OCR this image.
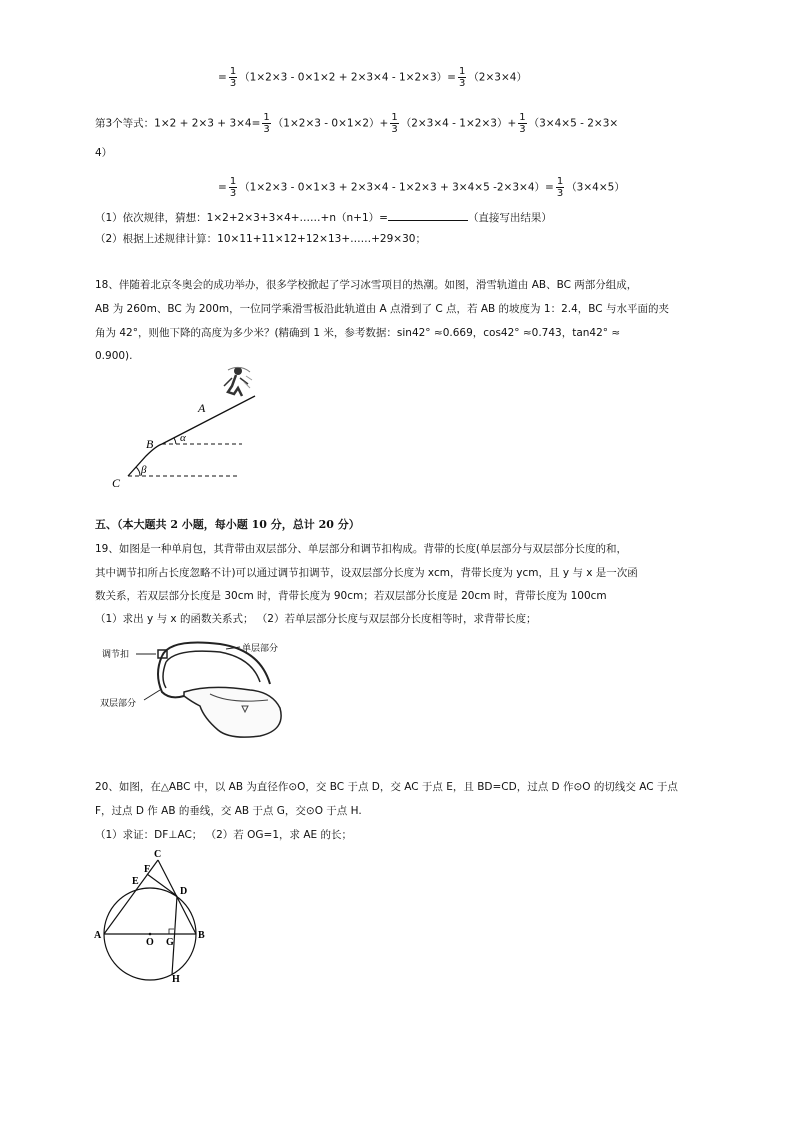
= $\frac{1}{3} (1\times 2\times 3 - 0\times 1\times 2 + 2\times 3\times 4 - 1\times 2\times 3)= \frac{1}{3} (2\times 3\times 4)$
第3个等式：$1\times 2 + 2\times 3 + 3\times 4= \frac{1}{3} (1\times 2\times 3 - 0\times 1\times 2)+ \frac{1}{3} (2\times 3\times 4 - 1\times 2\times 3)+ \frac{1}{3} (3\times 4\times 5 - 2\times 3\times$
4）
= $\frac{1}{3} (1\times 2\times 3 - 0\times 1\times 3 + 2\times 3\times 4 - 1\times 2\times 3 + 3\times 4\times 5$ $-2\times 3\times 4)= \frac{1}{3} (3\times 4\times 5)$
（1）依次规律，猜想：1×2+2×3+3×4+……+n（n+1）=	（直接写出结果）
（2）根据上述规律计算：10×11+11×12+12×13+……+29×30；
18、伴随着北京冬奥会的成功举办，很多学校掀起了学习冰雪项目的热潮。如图，滑雪轨道由 AB、BC 两部分组成，
AB 为 260m、BC 为 200m，一位同学乘滑雪板沿此轨道由 A 点滑到了 C 点，若 AB 的坡度为 1：2.4，BC 与水平面的夹
角为 42°，则他下降的高度为多少米？(精确到 1 米，参考数据：sin42° ≈0.669，cos42° ≈0.743，tan42° ≈
0.900).
A
B
C
α
β
五、（本大题共 2 小题，每小题 10 分，总计 20 分）
19、如图是一种单肩包，其背带由双层部分、单层部分和调节扣构成。背带的长度(单层部分与双层部分长度的和，
其中调节扣所占长度忽略不计)可以通过调节扣调节，设双层部分长度为 xcm，背带长度为 ycm，且 y 与 x 是一次函
数关系，若双层部分长度是 30cm 时，背带长度为 90cm；若双层部分长度是 20cm 时，背带长度为 100cm
（1）求出 y 与 x 的函数关系式； （2）若单层部分长度与双层部分长度相等时，求背带长度；
调节扣
单层部分
双层部分
20、如图，在△ABC 中，以 AB 为直径作⊙O，交 BC 于点 D，交 AC 于点 E，且 BD=CD，过点 D 作⊙O 的切线交 AC 于点
F，过点 D 作 AB 的垂线，交 AB 于点 G，交⊙O 于点 H.
（1）求证：DF⊥AC； （2）若 OG=1，求 AE 的长；
C
F
E
D
A	B
O G
H
